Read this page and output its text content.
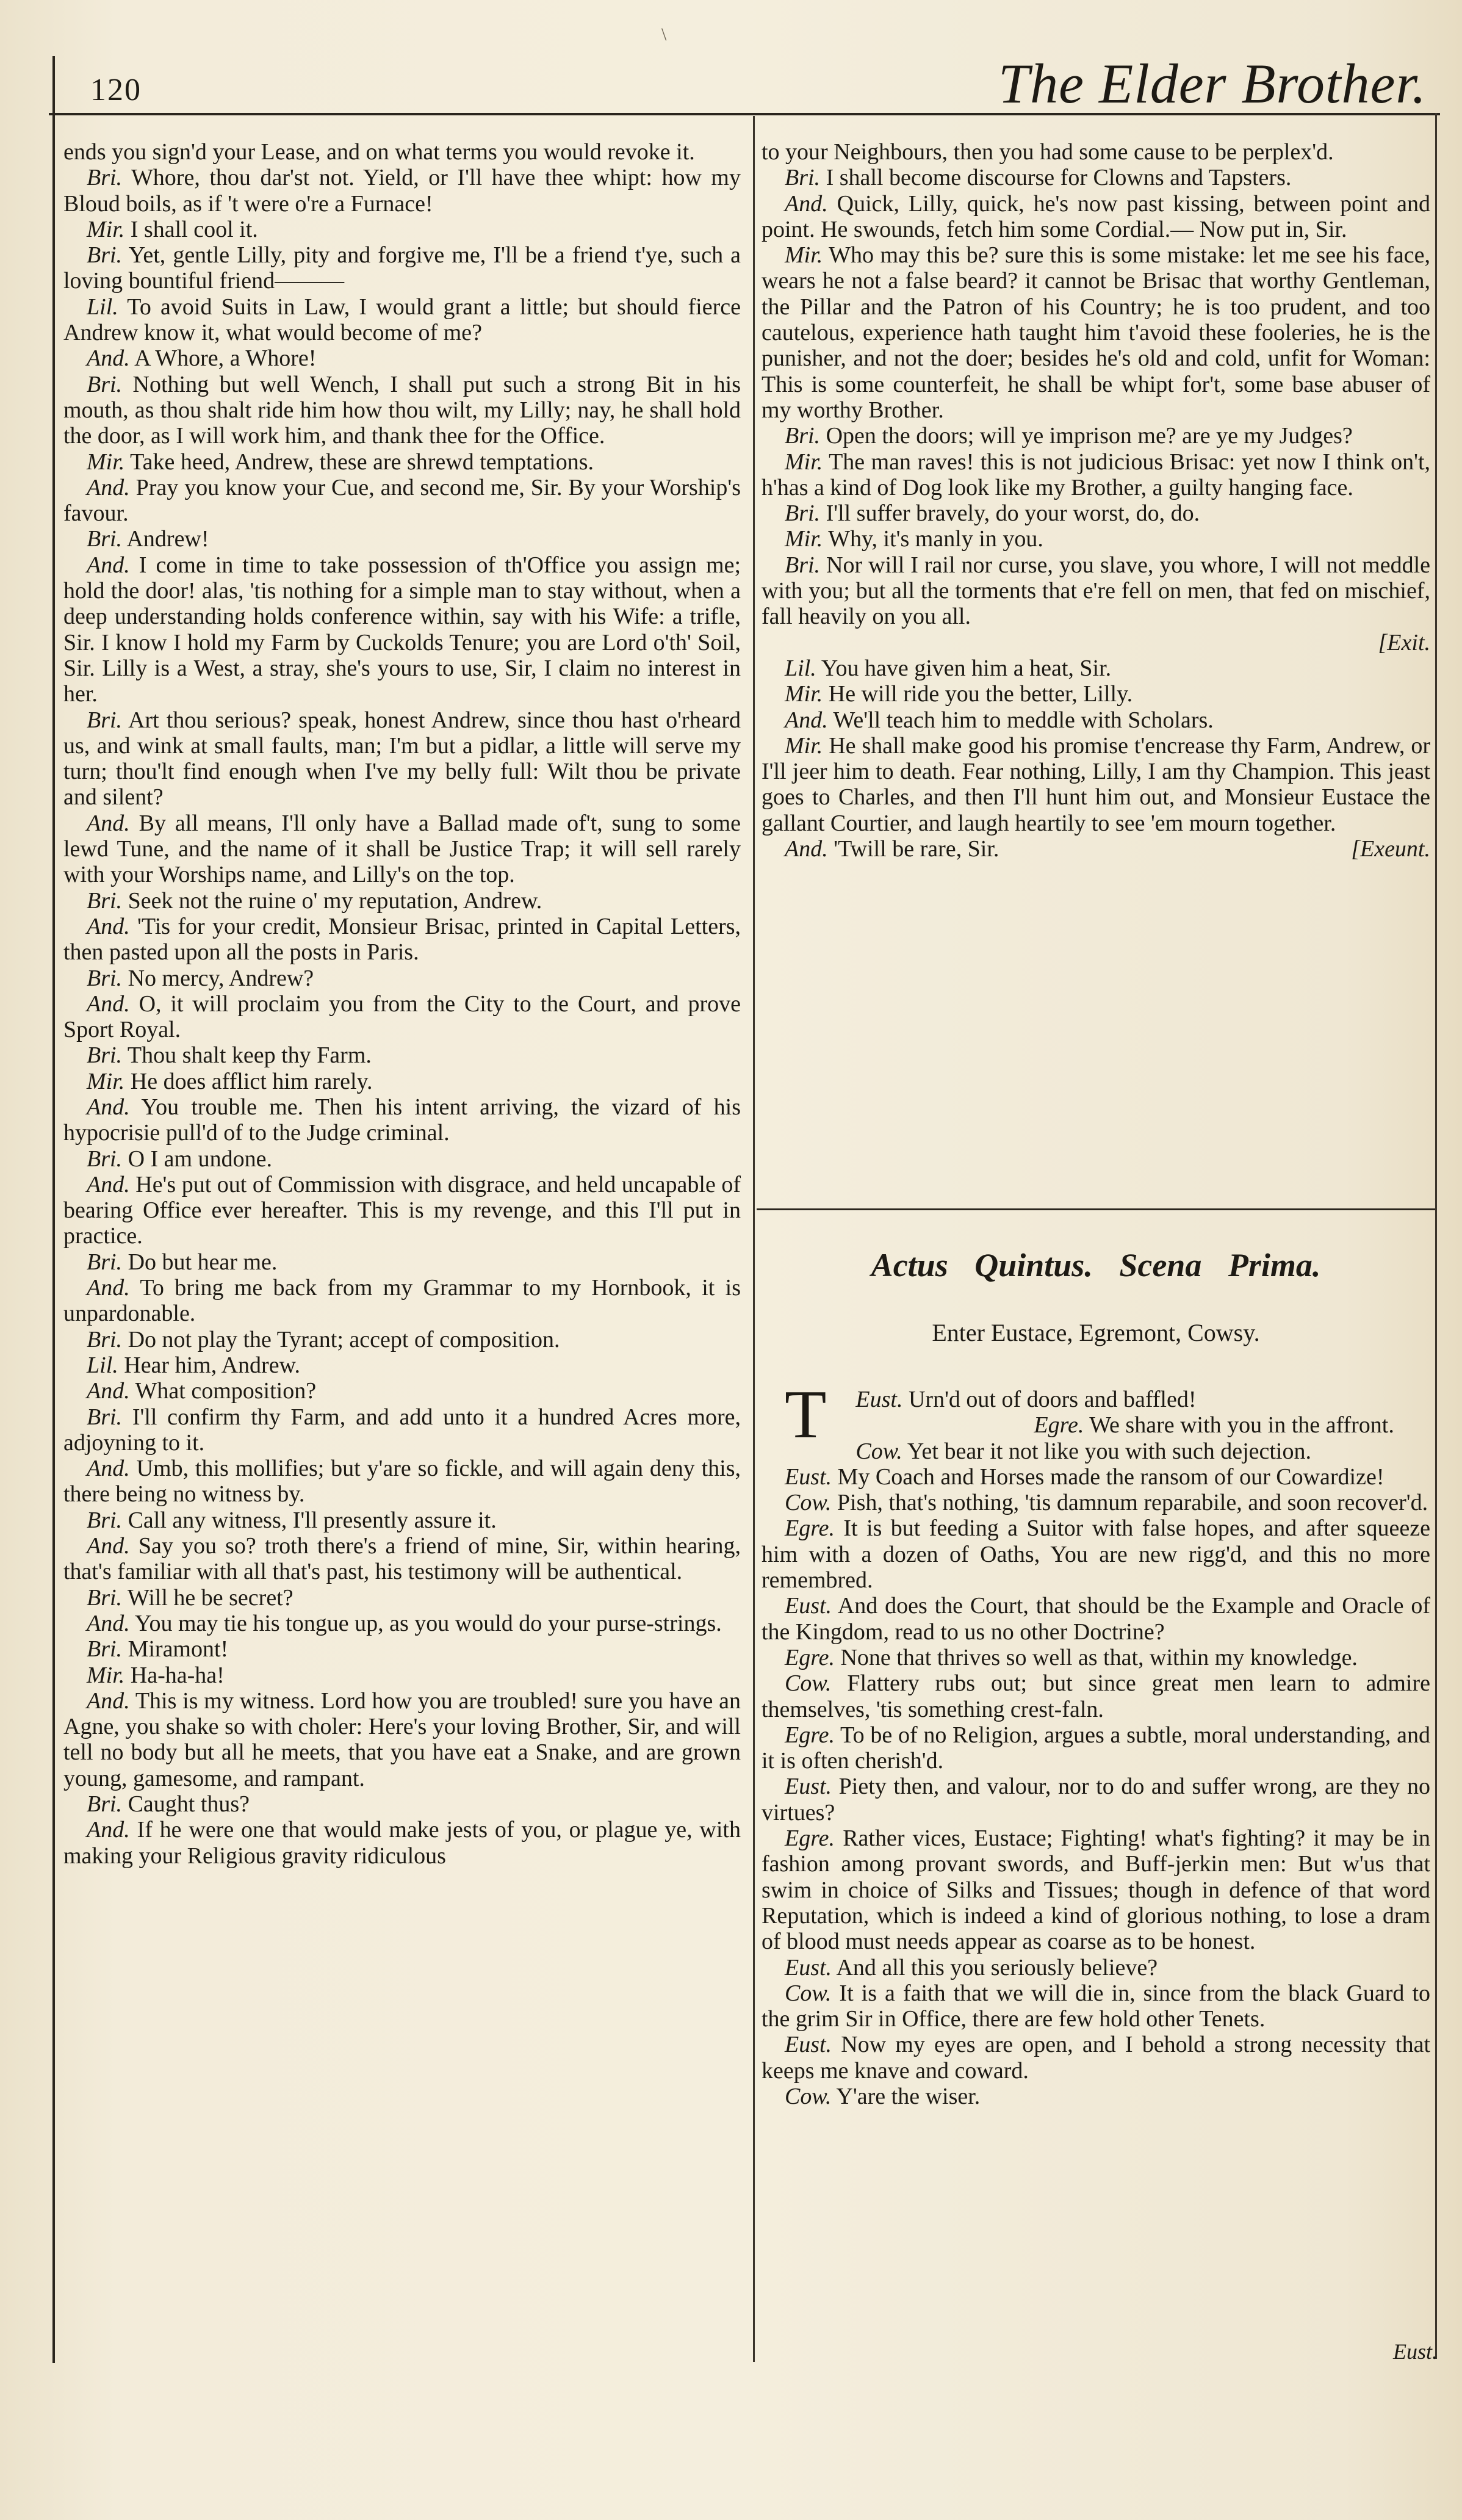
\
120	The Elder Brother.

ends you sign'd your Lease, and on what terms you would revoke it.

Bri. Whore, thou dar'st not. Yield, or I'll have thee whipt: how my Bloud boils, as if 't were o're a Furnace!

Mir. I shall cool it.

Bri. Yet, gentle Lilly, pity and forgive me, I'll be a friend t'ye, such a loving bountiful friend———

Lil. To avoid Suits in Law, I would grant a little; but should fierce Andrew know it, what would become of me?

And. A Whore, a Whore!

Bri. Nothing but well Wench, I shall put such a strong Bit in his mouth, as thou shalt ride him how thou wilt, my Lilly; nay, he shall hold the door, as I will work him, and thank thee for the Office.

Mir. Take heed, Andrew, these are shrewd temptations.

And. Pray you know your Cue, and second me, Sir. By your Worship's favour.

Bri. Andrew!

And. I come in time to take possession of th'Office you assign me; hold the door! alas, 'tis nothing for a simple man to stay without, when a deep understanding holds conference within, say with his Wife: a trifle, Sir. I know I hold my Farm by Cuckolds Tenure; you are Lord o'th' Soil, Sir. Lilly is a West, a stray, she's yours to use, Sir, I claim no interest in her.

Bri. Art thou serious? speak, honest Andrew, since thou hast o'rheard us, and wink at small faults, man; I'm but a pidlar, a little will serve my turn; thou'lt find enough when I've my belly full: Wilt thou be private and silent?

And. By all means, I'll only have a Ballad made of't, sung to some lewd Tune, and the name of it shall be Justice Trap; it will sell rarely with your Worships name, and Lilly's on the top.

Bri. Seek not the ruine o' my reputation, Andrew.

And. 'Tis for your credit, Monsieur Brisac, printed in Capital Letters, then pasted upon all the posts in Paris.

Bri. No mercy, Andrew?

And. O, it will proclaim you from the City to the Court, and prove Sport Royal.

Bri. Thou shalt keep thy Farm.

Mir. He does afflict him rarely.

And. You trouble me. Then his intent arriving, the vizard of his hypocrisie pull'd of to the Judge criminal.

Bri. O I am undone.

And. He's put out of Commission with disgrace, and held uncapable of bearing Office ever hereafter. This is my revenge, and this I'll put in practice.

Bri. Do but hear me.

And. To bring me back from my Grammar to my Hornbook, it is unpardonable.

Bri. Do not play the Tyrant; accept of composition.

Lil. Hear him, Andrew.

And. What composition?

Bri. I'll confirm thy Farm, and add unto it a hundred Acres more, adjoyning to it.

And. Umb, this mollifies; but y'are so fickle, and will again deny this, there being no witness by.

Bri. Call any witness, I'll presently assure it.

And. Say you so? troth there's a friend of mine, Sir, within hearing, that's familiar with all that's past, his testimony will be authentical.

Bri. Will he be secret?

And. You may tie his tongue up, as you would do your purse-strings.

Bri. Miramont!

Mir. Ha-ha-ha!

And. This is my witness. Lord how you are troubled! sure you have an Agne, you shake so with choler: Here's your loving Brother, Sir, and will tell no body but all he meets, that you have eat a Snake, and are grown young, gamesome, and rampant.

Bri. Caught thus?

And. If he were one that would make jests of you, or plague ye, with making your Religious gravity ridiculous

to your Neighbours, then you had some cause to be perplex'd.

Bri. I shall become discourse for Clowns and Tapsters.

And. Quick, Lilly, quick, he's now past kissing, between point and point. He swounds, fetch him some Cordial.— Now put in, Sir.

Mir. Who may this be? sure this is some mistake: let me see his face, wears he not a false beard? it cannot be Brisac that worthy Gentleman, the Pillar and the Patron of his Country; he is too prudent, and too cautelous, experience hath taught him t'avoid these fooleries, he is the punisher, and not the doer; besides he's old and cold, unfit for Woman: This is some counterfeit, he shall be whipt for't, some base abuser of my worthy Brother.

Bri. Open the doors; will ye imprison me? are ye my Judges?

Mir. The man raves! this is not judicious Brisac: yet now I think on't, h'has a kind of Dog look like my Brother, a guilty hanging face.

Bri. I'll suffer bravely, do your worst, do, do.

Mir. Why, it's manly in you.

Bri. Nor will I rail nor curse, you slave, you whore, I will not meddle with you; but all the torments that e're fell on men, that fed on mischief, fall heavily on you all.

[Exit.

Lil. You have given him a heat, Sir.

Mir. He will ride you the better, Lilly.

And. We'll teach him to meddle with Scholars.

Mir. He shall make good his promise t'encrease thy Farm, Andrew, or I'll jeer him to death. Fear nothing, Lilly, I am thy Champion. This jeast goes to Charles, and then I'll hunt him out, and Monsieur Eustace the gallant Courtier, and laugh heartily to see 'em mourn together.

And. 'Twill be rare, Sir.	[Exeunt.

Actus Quintus. Scena Prima.
Enter Eustace, Egremont, Cowsy.

Eust.
T	Urn'd out of doors and baffled!

Egre. We share with you in the affront.

Cow. Yet bear it not like you with such dejection.

Eust. My Coach and Horses made the ransom of our Cowardize!

Cow. Pish, that's nothing, 'tis damnum reparabile, and soon recover'd.

Egre. It is but feeding a Suitor with false hopes, and after squeeze him with a dozen of Oaths, You are new rigg'd, and this no more remembred.

Eust. And does the Court, that should be the Example and Oracle of the Kingdom, read to us no other Doctrine?

Egre. None that thrives so well as that, within my knowledge.

Cow. Flattery rubs out; but since great men learn to admire themselves, 'tis something crest-faln.

Egre. To be of no Religion, argues a subtle, moral understanding, and it is often cherish'd.

Eust. Piety then, and valour, nor to do and suffer wrong, are they no virtues?

Egre. Rather vices, Eustace; Fighting! what's fighting? it may be in fashion among provant swords, and Buff-jerkin men: But w'us that swim in choice of Silks and Tissues; though in defence of that word Reputation, which is indeed a kind of glorious nothing, to lose a dram of blood must needs appear as coarse as to be honest.

Eust. And all this you seriously believe?

Cow. It is a faith that we will die in, since from the black Guard to the grim Sir in Office, there are few hold other Tenets.

Eust. Now my eyes are open, and I behold a strong necessity that keeps me knave and coward.

Cow. Y'are the wiser.

Eust.
